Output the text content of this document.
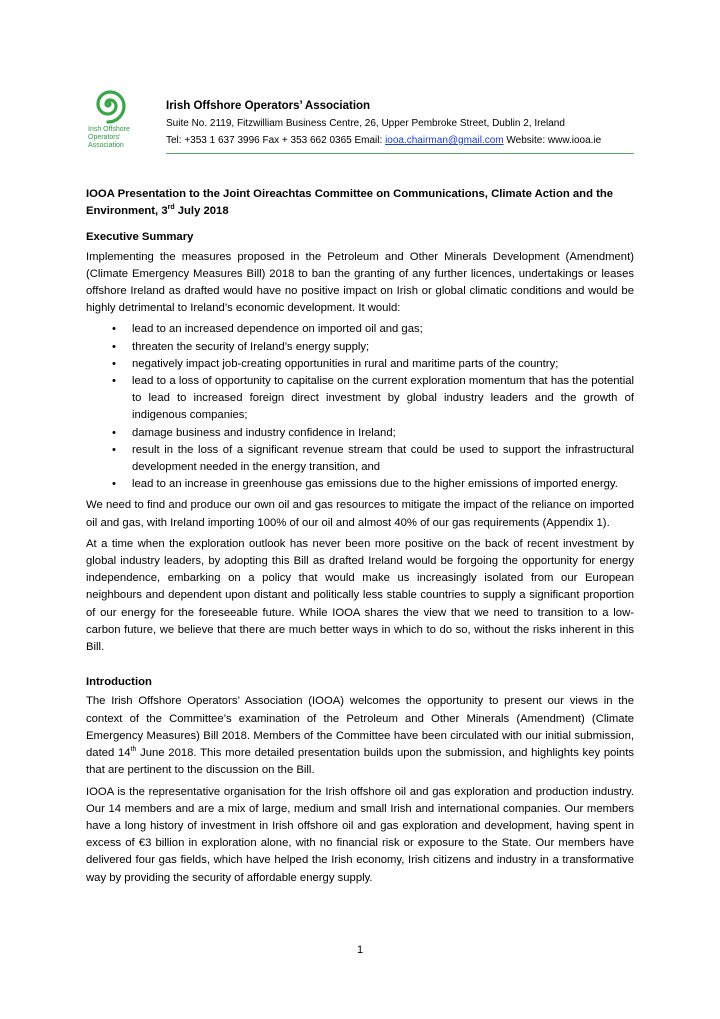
Irish Offshore
Operators'
Association
Irish Offshore Operators’ Association
Suite No. 2119, Fitzwilliam Business Centre, 26, Upper Pembroke Street, Dublin 2, Ireland
Tel: +353 1 637 3996 Fax + 353 662 0365 Email: iooa.chairman@gmail.com Website: www.iooa.ie
IOOA Presentation to the Joint Oireachtas Committee on Communications, Climate Action and the Environment, 3rd July 2018
Executive Summary

Implementing the measures proposed in the Petroleum and Other Minerals Development (Amendment) (Climate Emergency Measures Bill) 2018 to ban the granting of any further licences, undertakings or leases offshore Ireland as drafted would have no positive impact on Irish or global climatic conditions and would be highly detrimental to Ireland’s economic development. It would:

• lead to an increased dependence on imported oil and gas;
• threaten the security of Ireland’s energy supply;
• negatively impact job-creating opportunities in rural and maritime parts of the country;
• lead to a loss of opportunity to capitalise on the current exploration momentum that has the potential to lead to increased foreign direct investment by global industry leaders and the growth of indigenous companies;
• damage business and industry confidence in Ireland;
• result in the loss of a significant revenue stream that could be used to support the infrastructural development needed in the energy transition, and
• lead to an increase in greenhouse gas emissions due to the higher emissions of imported energy.

We need to find and produce our own oil and gas resources to mitigate the impact of the reliance on imported oil and gas, with Ireland importing 100% of our oil and almost 40% of our gas requirements (Appendix 1).

At a time when the exploration outlook has never been more positive on the back of recent investment by global industry leaders, by adopting this Bill as drafted Ireland would be forgoing the opportunity for energy independence, embarking on a policy that would make us increasingly isolated from our European neighbours and dependent upon distant and politically less stable countries to supply a significant proportion of our energy for the foreseeable future. While IOOA shares the view that we need to transition to a low-carbon future, we believe that there are much better ways in which to do so, without the risks inherent in this Bill.

Introduction

The Irish Offshore Operators’ Association (IOOA) welcomes the opportunity to present our views in the context of the Committee’s examination of the Petroleum and Other Minerals (Amendment) (Climate Emergency Measures) Bill 2018. Members of the Committee have been circulated with our initial submission, dated 14th June 2018. This more detailed presentation builds upon the submission, and highlights key points that are pertinent to the discussion on the Bill.

IOOA is the representative organisation for the Irish offshore oil and gas exploration and production industry. Our 14 members and are a mix of large, medium and small Irish and international companies. Our members have a long history of investment in Irish offshore oil and gas exploration and development, having spent in excess of €3 billion in exploration alone, with no financial risk or exposure to the State. Our members have delivered four gas fields, which have helped the Irish economy, Irish citizens and industry in a transformative way by providing the security of affordable energy supply.

1
